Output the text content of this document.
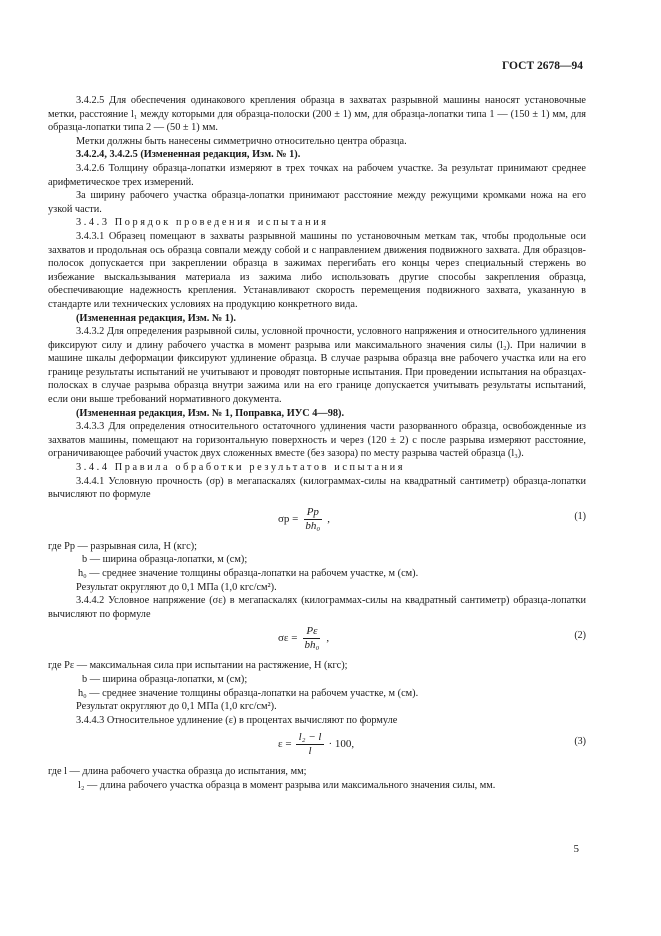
ГОСТ 2678—94

3.4.2.5 Для обеспечения одинакового крепления образца в захватах разрывной машины наносят установочные метки, расстояние l₁ между которыми для образца-полоски (200 ± 1) мм, для образца-лопатки типа 1 — (150 ± 1) мм, для образца-лопатки типа 2 — (50 ± 1) мм.

Метки должны быть нанесены симметрично относительно центра образца.

3.4.2.4, 3.4.2.5 (Измененная редакция, Изм. № 1).

3.4.2.6 Толщину образца-лопатки измеряют в трех точках на рабочем участке. За результат принимают среднее арифметическое трех измерений.

За ширину рабочего участка образца-лопатки принимают расстояние между режущими кромками ножа на его узкой части.

3.4.3 Порядок проведения испытания

3.4.3.1 Образец помещают в захваты разрывной машины по установочным меткам так, чтобы продольные оси захватов и продольная ось образца совпали между собой и с направлением движения подвижного захвата. Для образцов-полосок допускается при закреплении образца в зажимах перегибать его концы через специальный стержень во избежание выскальзывания материала из зажима либо использовать другие способы закрепления образца, обеспечивающие надежность крепления. Устанавливают скорость перемещения подвижного захвата, указанную в стандарте или технических условиях на продукцию конкретного вида.

(Измененная редакция, Изм. № 1).

3.4.3.2 Для определения разрывной силы, условной прочности, условного напряжения и относительного удлинения фиксируют силу и длину рабочего участка в момент разрыва или максимального значения силы (l₂). При наличии в машине шкалы деформации фиксируют удлинение образца. В случае разрыва образца вне рабочего участка или на его границе результаты испытаний не учитывают и проводят повторные испытания. При проведении испытания на образцах-полосках в случае разрыва образца внутри зажима или на его границе допускается учитывать результаты испытаний, если они выше требований нормативного документа.

(Измененная редакция, Изм. № 1, Поправка, ИУС 4—98).

3.4.3.3 Для определения относительного остаточного удлинения части разорванного образца, освобожденные из захватов машины, помещают на горизонтальную поверхность и через (120 ± 2) с после разрыва измеряют расстояние, ограничивающее рабочий участок двух сложенных вместе (без зазора) по месту разрыва частей образца (l₃).

3.4.4 Правила обработки результатов испытания

3.4.4.1 Условную прочность (σр) в мегапаскалях (килограммах-силы на квадратный сантиметр) образца-лопатки вычисляют по формуле

$\sigma р = \frac{Pр}{\text{bh₀}}$ ,	(1)

где Pр — разрывная сила, Н (кгс);

b — ширина образца-лопатки, м (см);

h₀ — среднее значение толщины образца-лопатки на рабочем участке, м (см).

Результат округляют до 0,1 МПа (1,0 кгс/см²).

3.4.4.2 Условное напряжение (σε) в мегапаскалях (килограммах-силы на квадратный сантиметр) образца-лопатки вычисляют по формуле

$\sigma\varepsilon = \frac{P\varepsilon}{\text{bh₀}}$ ,	(2)

где Pε — максимальная сила при испытании на растяжение, Н (кгс);

b — ширина образца-лопатки, м (см);

h₀ — среднее значение толщины образца-лопатки на рабочем участке, м (см).

Результат округляют до 0,1 МПа (1,0 кгс/см²).

3.4.4.3 Относительное удлинение (ε) в процентах вычисляют по формуле

$\varepsilon = \frac{\text{l₂ − l}}{l} \cdot 100$,	(3)

где l — длина рабочего участка образца до испытания, мм;

l₂ — длина рабочего участка образца в момент разрыва или максимального значения силы, мм.

5
